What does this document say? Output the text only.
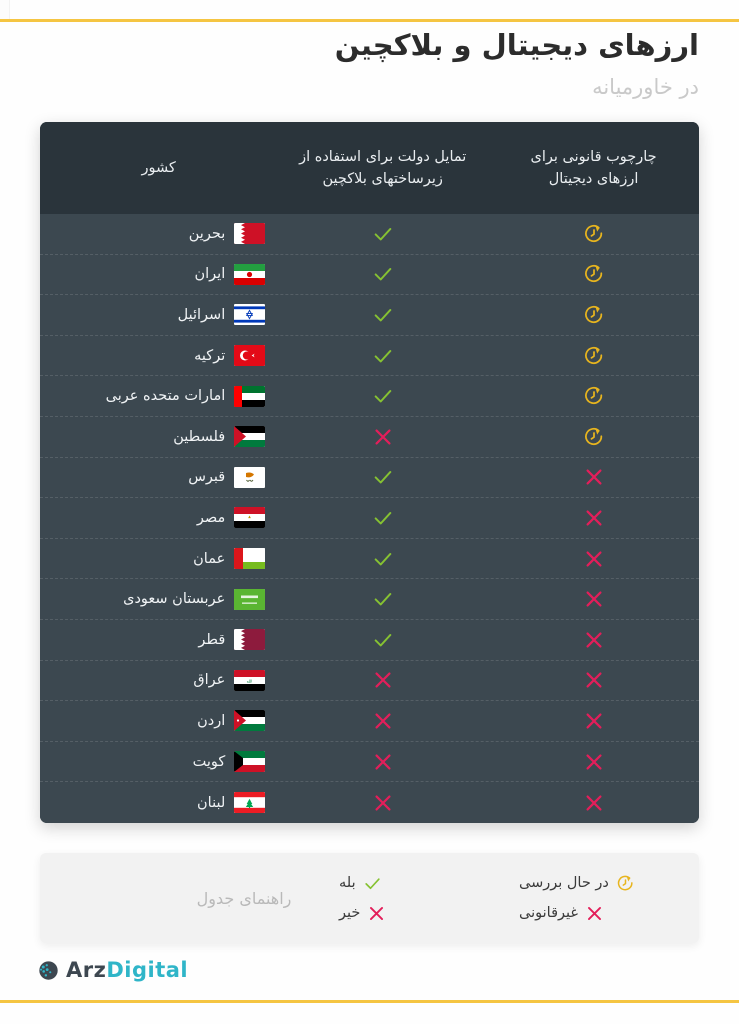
ارزهای دیجیتال و بلاکچین
در خاورمیانه
چارچوب قانونی برای
ارزهای دیجیتال
تمایل دولت برای استفاده از
زیرساختهای بلاکچین
کشور
بحرین
ایران
اسرائیل
ترکیه
امارات متحده عربی
فلسطین
قبرس
مصر
عمان
عربستان سعودی
قطر
الله
عراق
اردن
کویت
لبنان
در حال بررسی
غیرقانونی
بله
خیر
راهنمای جدول
ArzDigital
